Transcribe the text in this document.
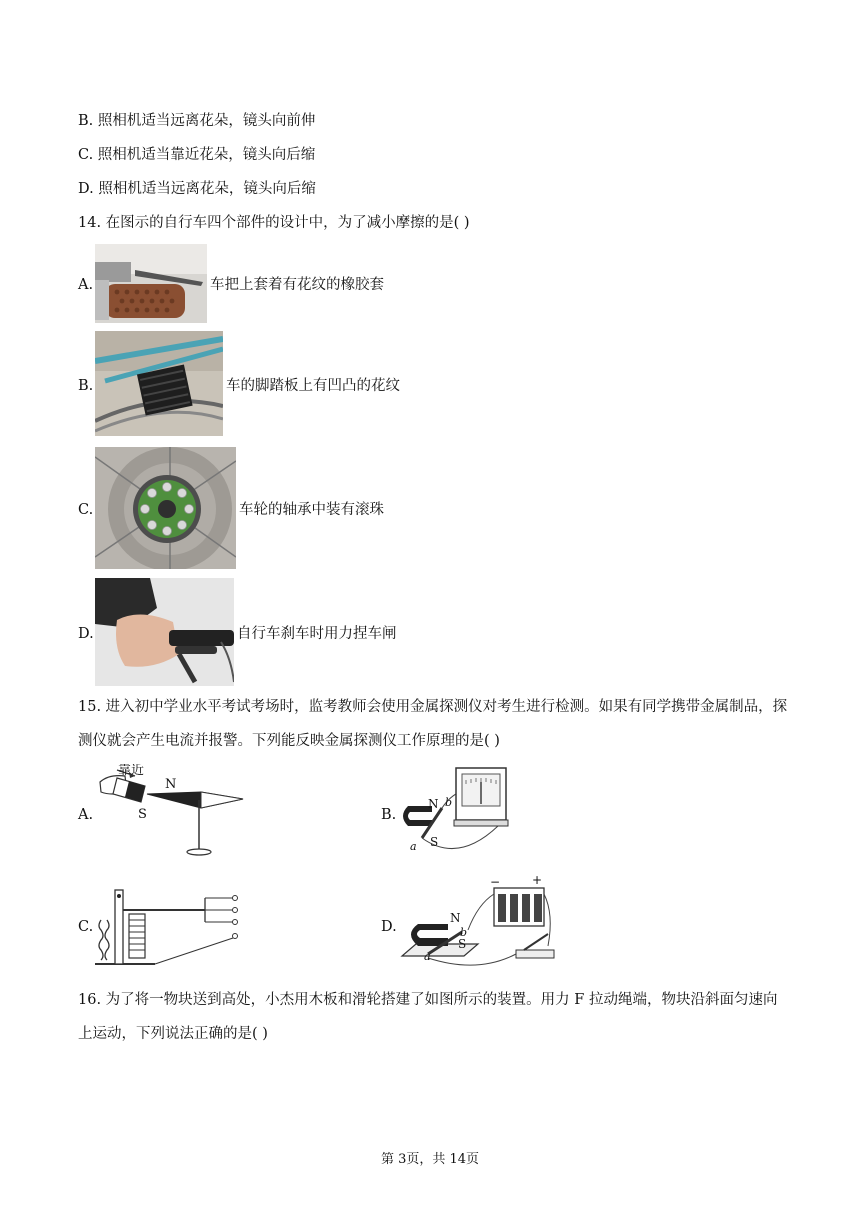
B. 照相机适当远离花朵，镜头向前伸
C. 照相机适当靠近花朵，镜头向后缩
D. 照相机适当远离花朵，镜头向后缩
14. 在图示的自行车四个部件的设计中，为了减小摩擦的是( )
A.	车把上套着有花纹的橡胶套
B.	车的脚踏板上有凹凸的花纹
C.	车轮的轴承中装有滚珠
D.	自行车刹车时用力捏车闸
15. 进入初中学业水平考试考场时，监考教师会使用金属探测仪对考生进行检测。如果有同学携带金属制品，探测仪就会产生电流并报警。下列能反映金属探测仪工作原理的是( )
A.
靠近
N
S	B.
N
S
a
b
C.	D.
N
S
a
b
−	+
16. 为了将一物块送到高处，小杰用木板和滑轮搭建了如图所示的装置。用力 F 拉动绳端，物块沿斜面匀速向上运动，下列说法正确的是( )
第 3页，共 14页
